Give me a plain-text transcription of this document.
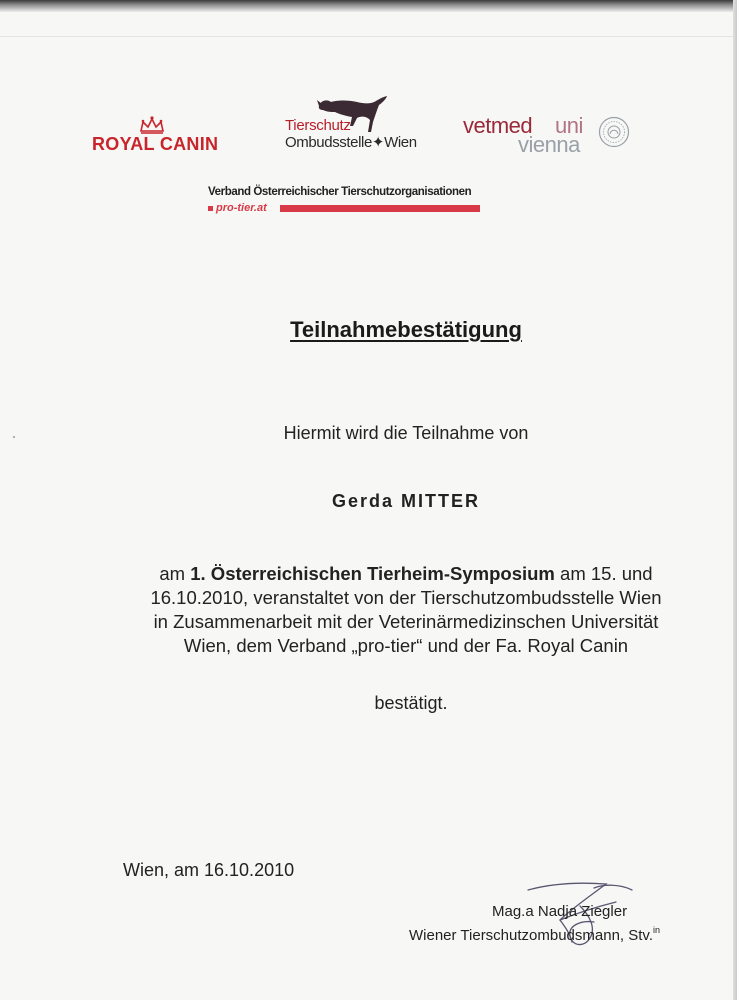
ROYAL CANIN
Tierschutz
Ombudsstelle✦Wien
vetmed uni
vienna
Verband Österreichischer Tierschutzorganisationen
pro-tier.at
Teilnahmebestätigung
Hiermit wird die Teilnahme von
Gerda MITTER
am 1. Österreichischen Tierheim-Symposium am 15. und
16.10.2010, veranstaltet von der Tierschutzombudsstelle Wien
in Zusammenarbeit mit der Veterinärmedizinschen Universität
Wien, dem Verband „pro-tier“ und der Fa. Royal Canin
bestätigt.
Wien, am 16.10.2010
Mag.a Nadja Ziegler
Wiener Tierschutzombudsmann, Stv.$^{in}$
